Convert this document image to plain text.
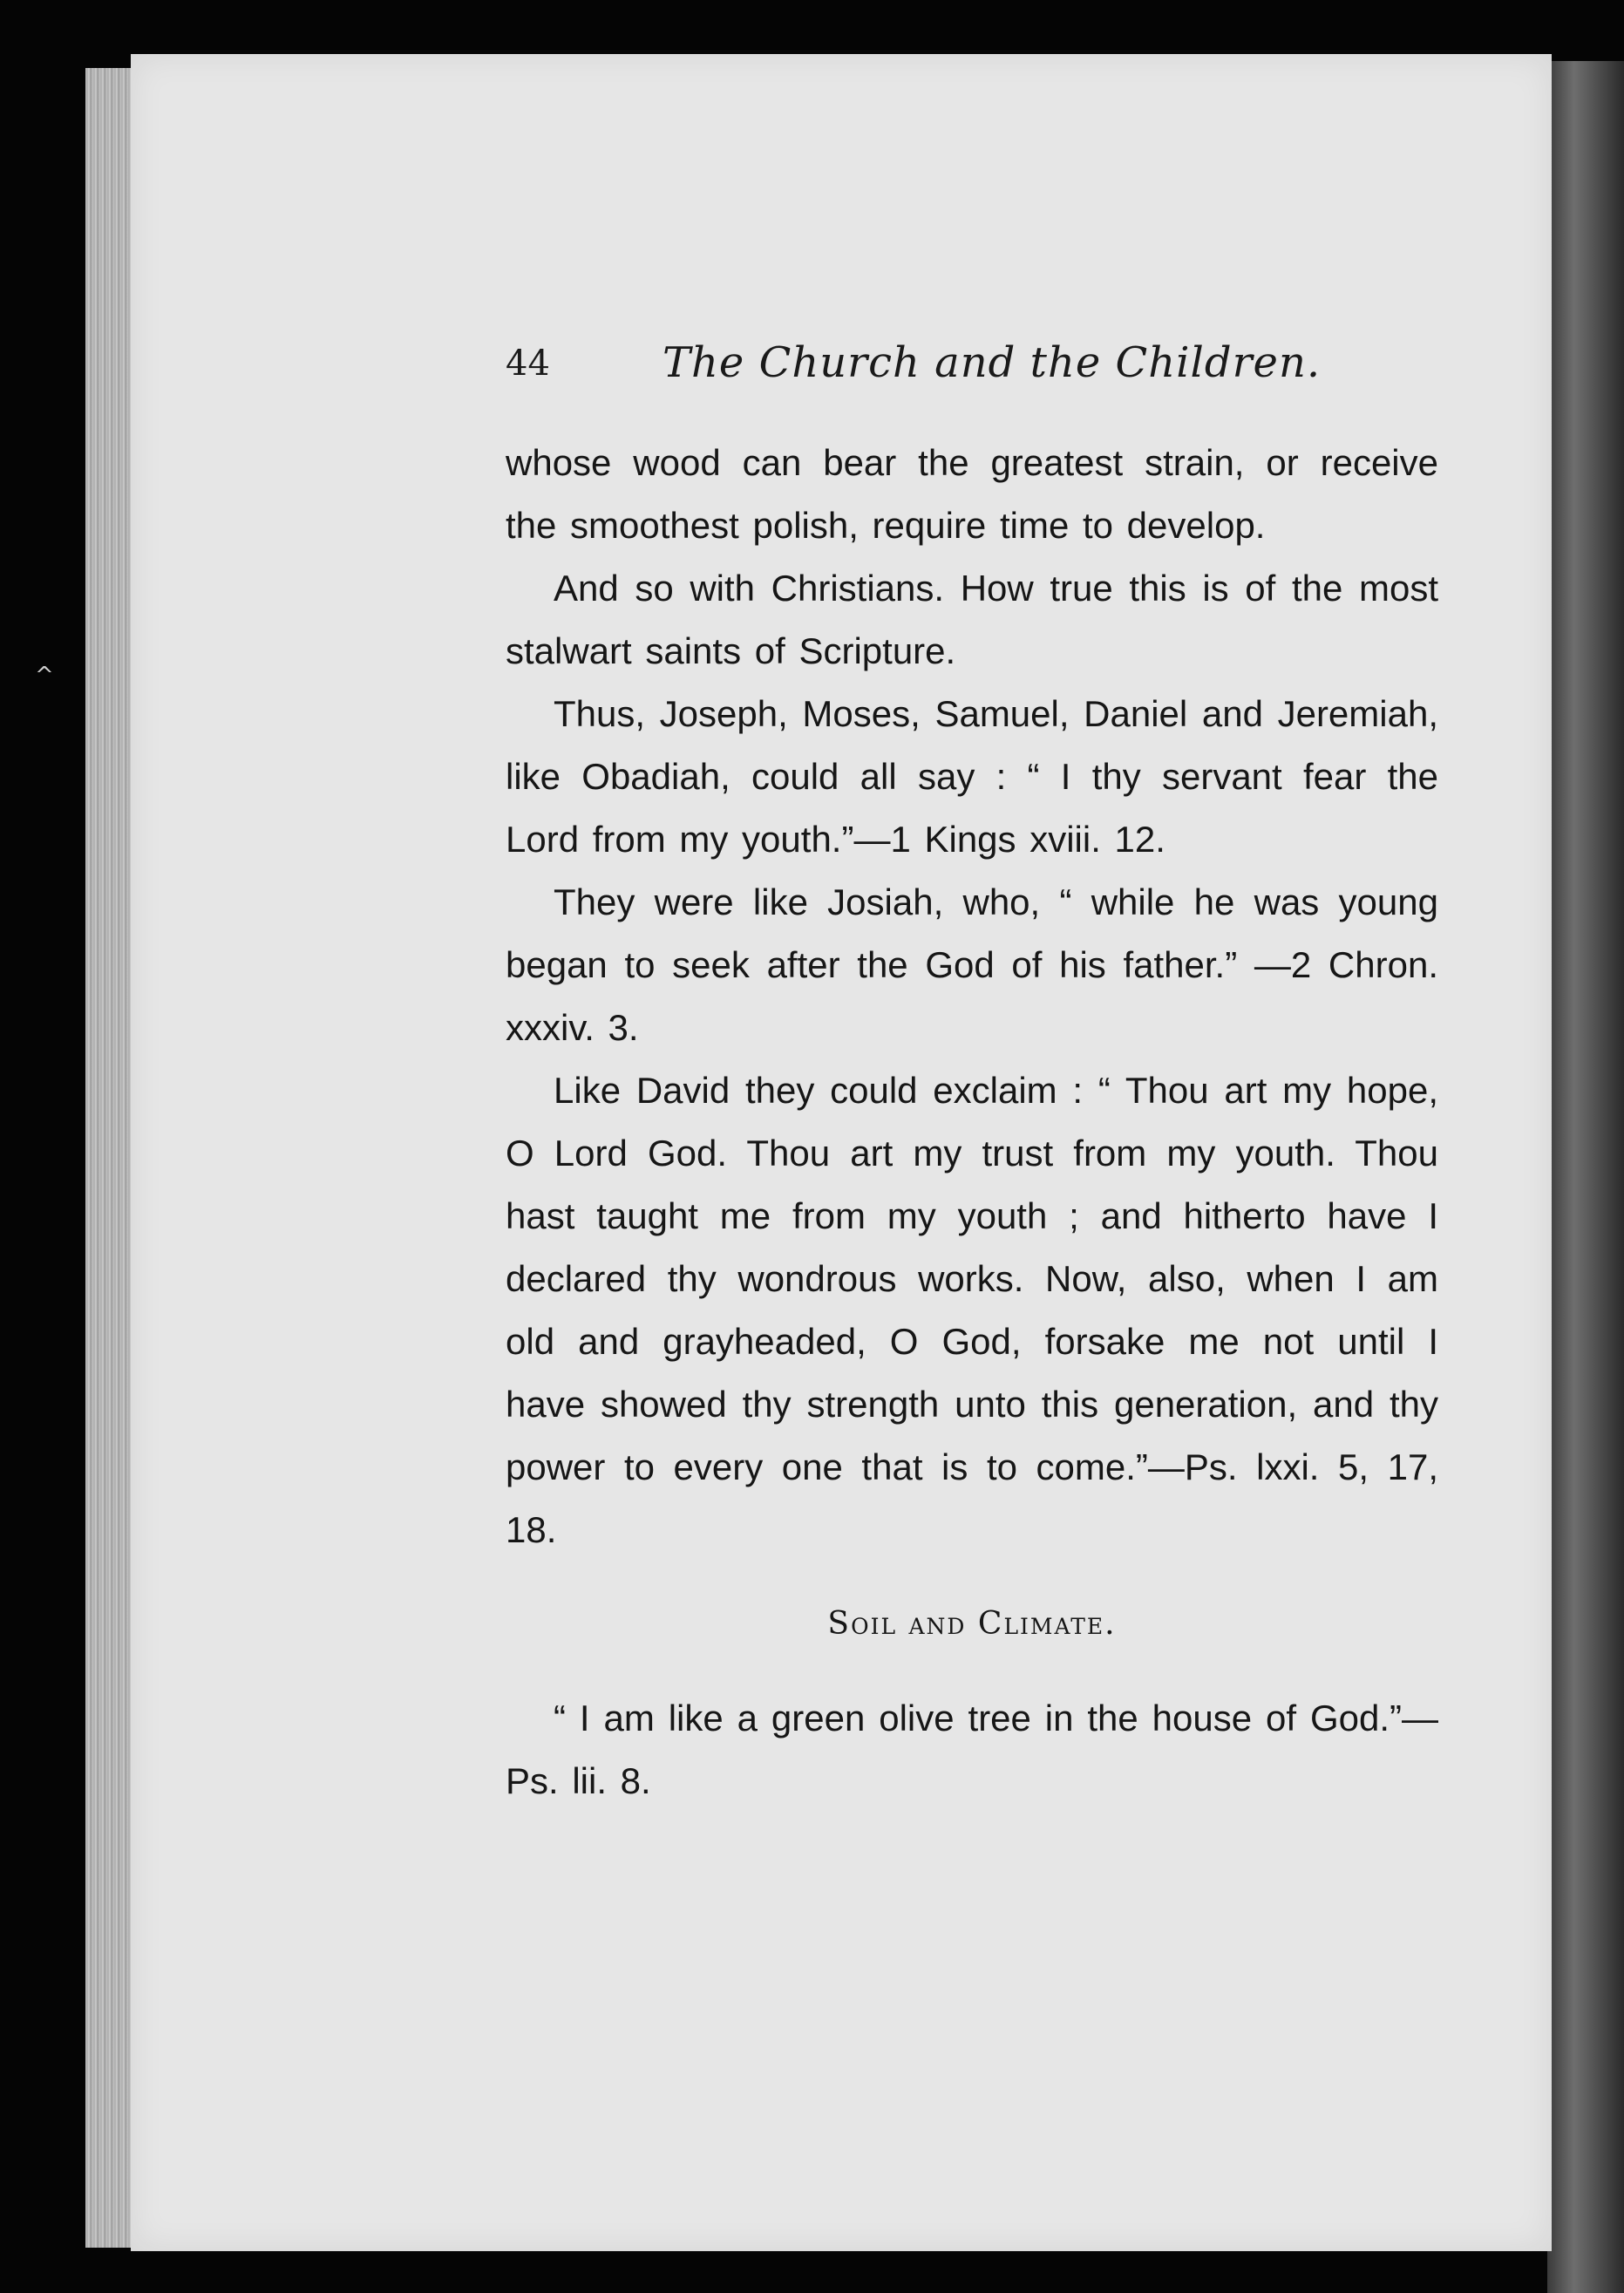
^
44	The Church and the Children.

whose wood can bear the greatest strain, or receive the smoothest polish, require time to develop.

And so with Christians. How true this is of the most stalwart saints of Scripture.

Thus, Joseph, Moses, Samuel, Daniel and Jeremiah, like Obadiah, could all say : “ I thy servant fear the Lord from my youth.”—1 Kings xviii. 12.

They were like Josiah, who, “ while he was young began to seek after the God of his father.” —2 Chron. xxxiv. 3.

Like David they could exclaim : “ Thou art my hope, O Lord God. Thou art my trust from my youth. Thou hast taught me from my youth ; and hitherto have I declared thy wondrous works. Now, also, when I am old and grayheaded, O God, forsake me not until I have showed thy strength unto this generation, and thy power to every one that is to come.”—Ps. lxxi. 5, 17, 18.

Soil and Climate.

“ I am like a green olive tree in the house of God.”—Ps. lii. 8.
